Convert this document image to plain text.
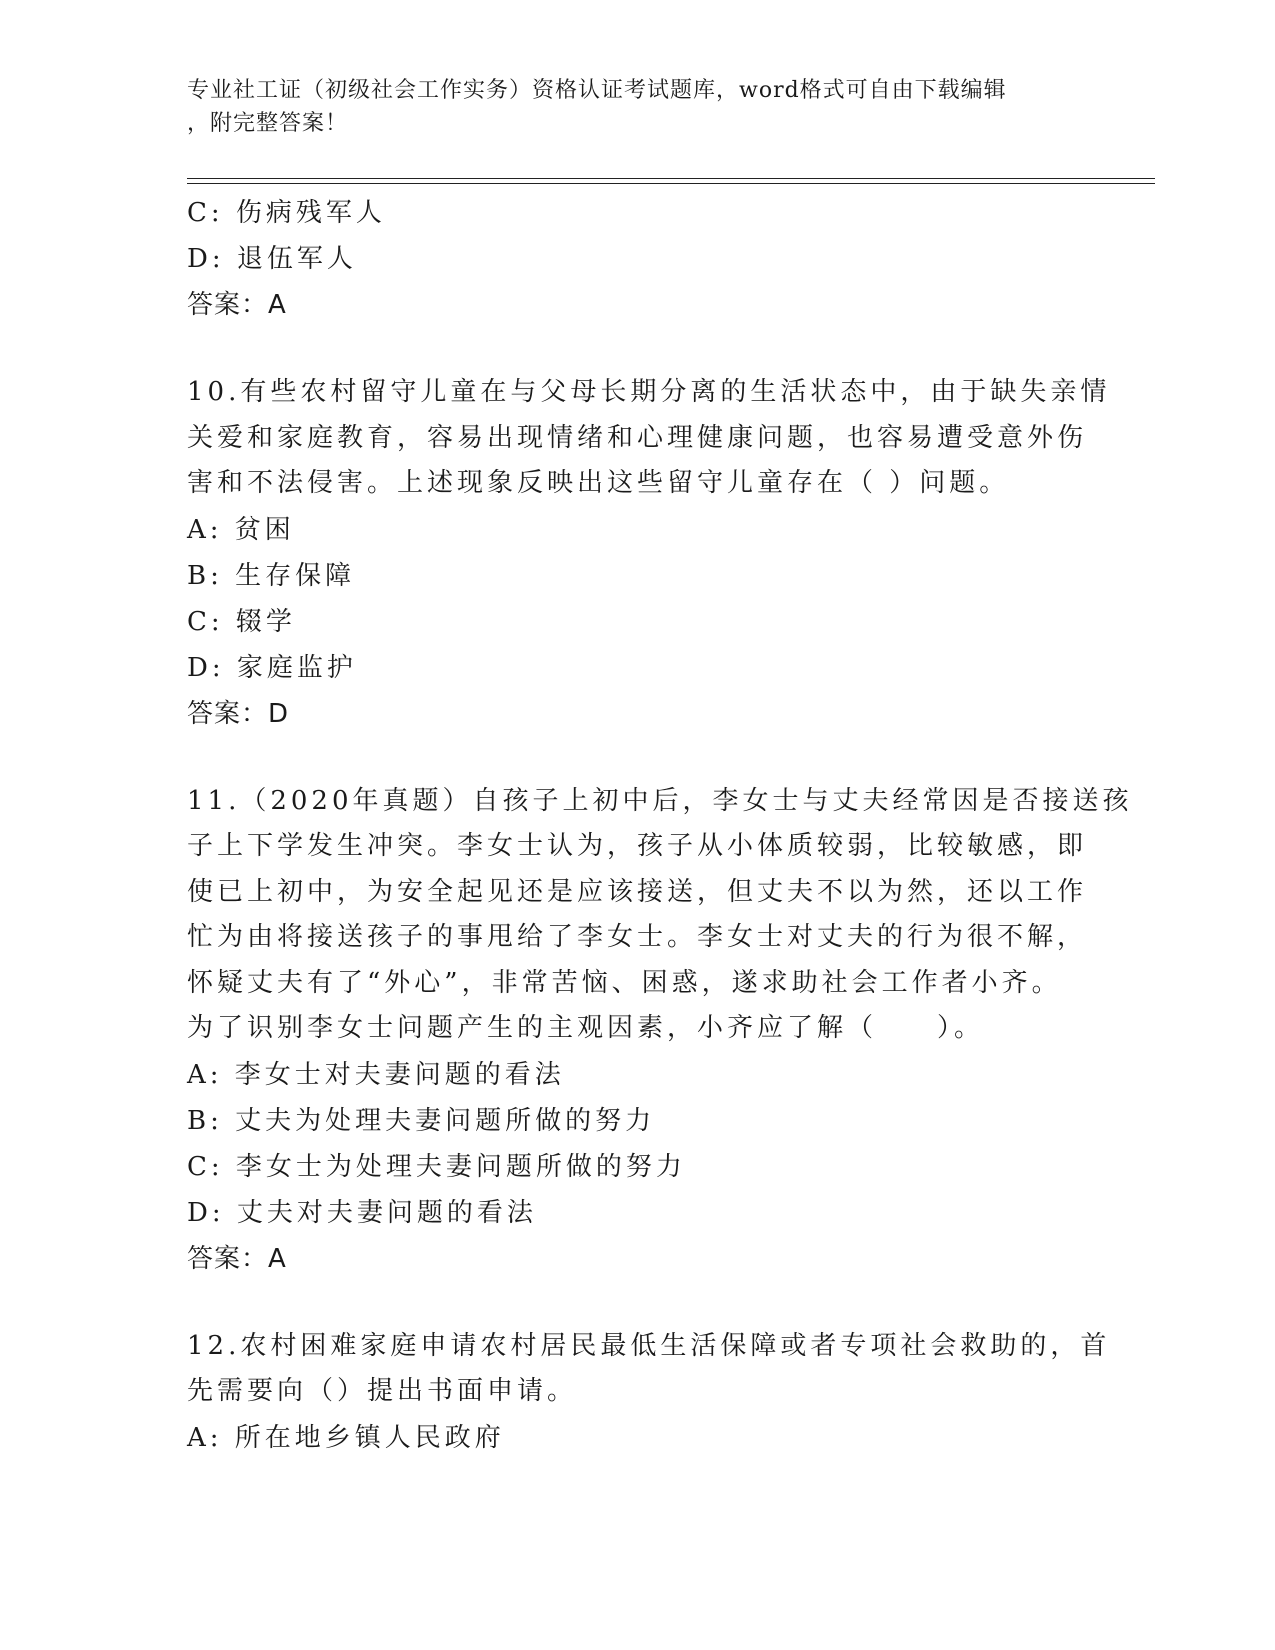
专业社工证（初级社会工作实务）资格认证考试题库，word格式可自由下载编辑
，附完整答案！
C: 伤病残军人
D: 退伍军人
答案：A
10.有些农村留守儿童在与父母长期分离的生活状态中，由于缺失亲情
关爱和家庭教育，容易出现情绪和心理健康问题，也容易遭受意外伤
害和不法侵害。上述现象反映出这些留守儿童存在（ ）问题。
A: 贫困
B: 生存保障
C: 辍学
D: 家庭监护
答案：D
11.（2020年真题）自孩子上初中后，李女士与丈夫经常因是否接送孩
子上下学发生冲突。李女士认为，孩子从小体质较弱，比较敏感，即
使已上初中，为安全起见还是应该接送，但丈夫不以为然，还以工作
忙为由将接送孩子的事甩给了李女士。李女士对丈夫的行为很不解，
怀疑丈夫有了“外心”，非常苦恼、困惑，遂求助社会工作者小齐。
为了识别李女士问题产生的主观因素，小齐应了解（　　）。
A: 李女士对夫妻问题的看法
B: 丈夫为处理夫妻问题所做的努力
C: 李女士为处理夫妻问题所做的努力
D: 丈夫对夫妻问题的看法
答案：A
12.农村困难家庭申请农村居民最低生活保障或者专项社会救助的，首
先需要向（）提出书面申请。
A: 所在地乡镇人民政府
